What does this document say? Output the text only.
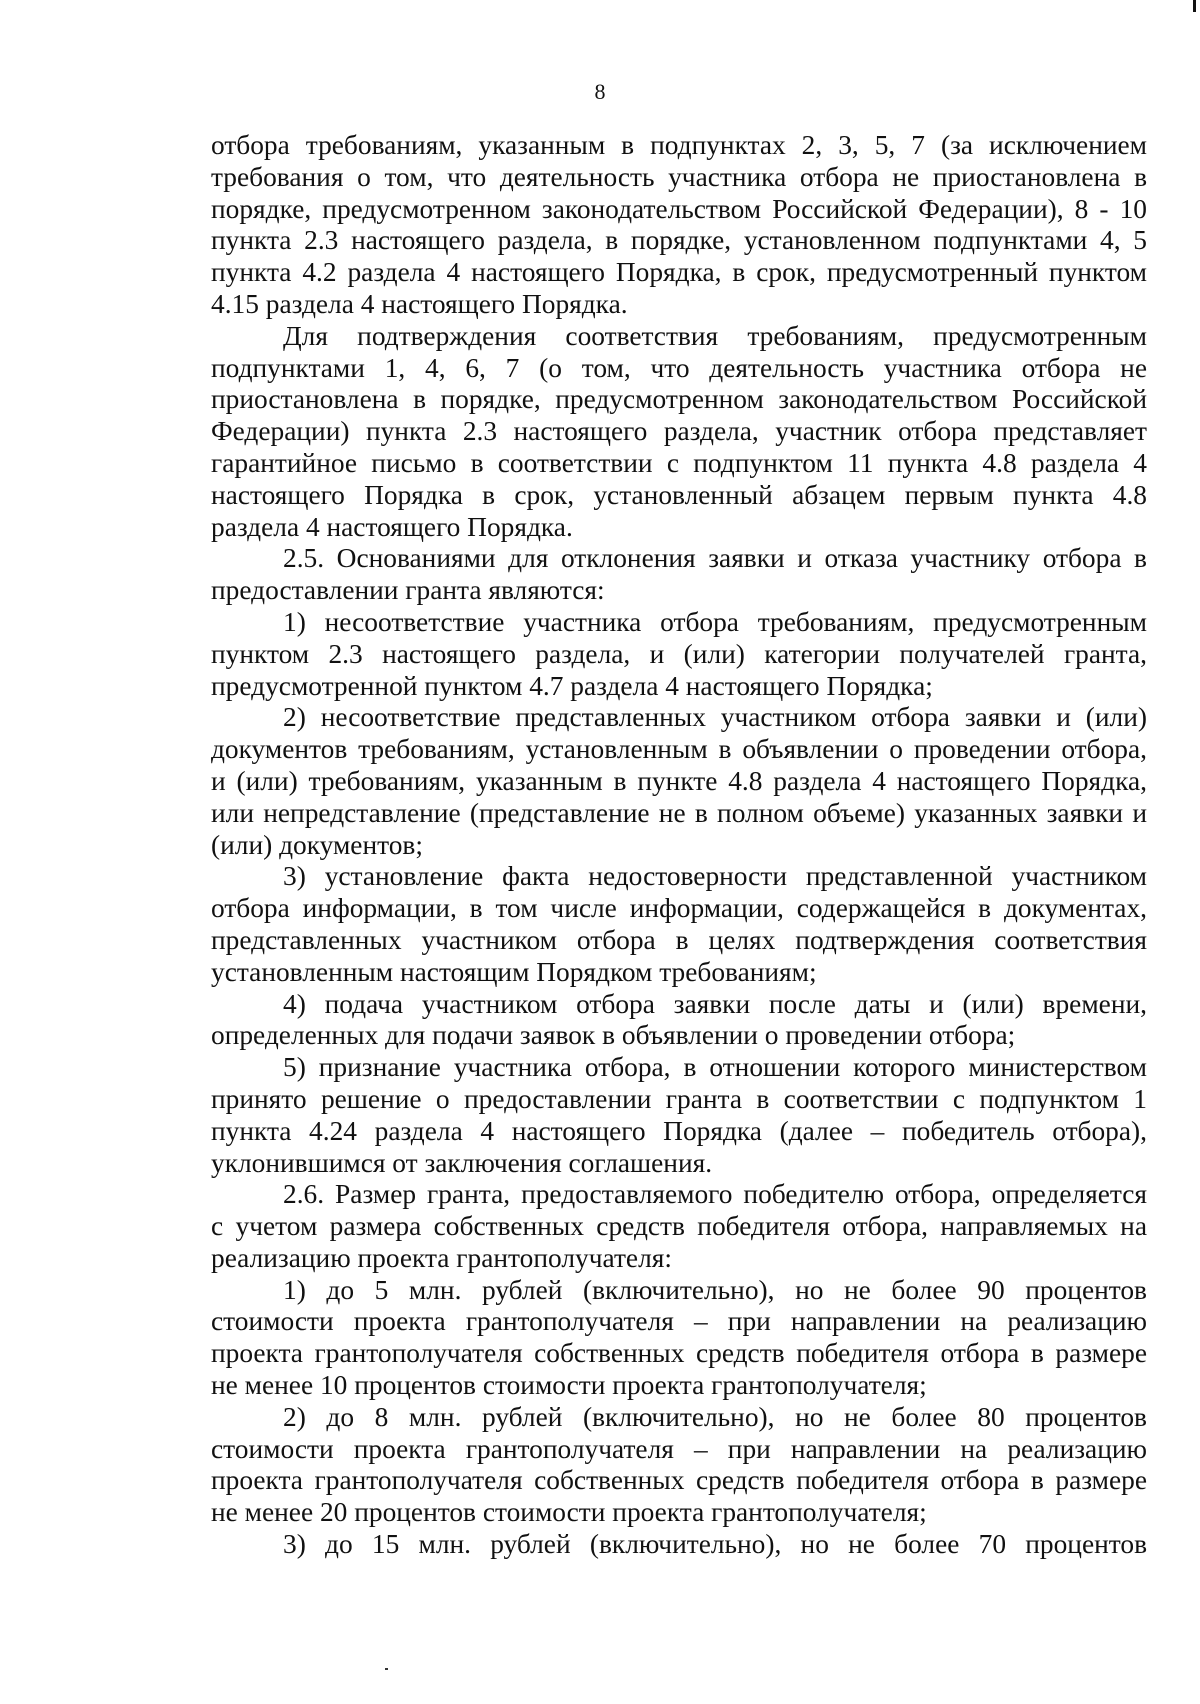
8
отбора требованиям, указанным в подпунктах 2, 3, 5, 7 (за исключением
требования о том, что деятельность участника отбора не приостановлена в
порядке, предусмотренном законодательством Российской Федерации), 8 - 10
пункта 2.3 настоящего раздела, в порядке, установленном подпунктами 4, 5
пункта 4.2 раздела 4 настоящего Порядка, в срок, предусмотренный пунктом
4.15 раздела 4 настоящего Порядка.
Для подтверждения соответствия требованиям, предусмотренным
подпунктами 1, 4, 6, 7 (о том, что деятельность участника отбора не
приостановлена в порядке, предусмотренном законодательством Российской
Федерации) пункта 2.3 настоящего раздела, участник отбора представляет
гарантийное письмо в соответствии с подпунктом 11 пункта 4.8 раздела 4
настоящего Порядка в срок, установленный абзацем первым пункта 4.8
раздела 4 настоящего Порядка.
2.5. Основаниями для отклонения заявки и отказа участнику отбора в
предоставлении гранта являются:
1) несоответствие участника отбора требованиям, предусмотренным
пунктом 2.3 настоящего раздела, и (или) категории получателей гранта,
предусмотренной пунктом 4.7 раздела 4 настоящего Порядка;
2) несоответствие представленных участником отбора заявки и (или)
документов требованиям, установленным в объявлении о проведении отбора,
и (или) требованиям, указанным в пункте 4.8 раздела 4 настоящего Порядка,
или непредставление (представление не в полном объеме) указанных заявки и
(или) документов;
3) установление факта недостоверности представленной участником
отбора информации, в том числе информации, содержащейся в документах,
представленных участником отбора в целях подтверждения соответствия
установленным настоящим Порядком требованиям;
4) подача участником отбора заявки после даты и (или) времени,
определенных для подачи заявок в объявлении о проведении отбора;
5) признание участника отбора, в отношении которого министерством
принято решение о предоставлении гранта в соответствии с подпунктом 1
пункта 4.24 раздела 4 настоящего Порядка (далее – победитель отбора),
уклонившимся от заключения соглашения.
2.6. Размер гранта, предоставляемого победителю отбора, определяется
с учетом размера собственных средств победителя отбора, направляемых на
реализацию проекта грантополучателя:
1) до 5 млн. рублей (включительно), но не более 90 процентов
стоимости проекта грантополучателя – при направлении на реализацию
проекта грантополучателя собственных средств победителя отбора в размере
не менее 10 процентов стоимости проекта грантополучателя;
2) до 8 млн. рублей (включительно), но не более 80 процентов
стоимости проекта грантополучателя – при направлении на реализацию
проекта грантополучателя собственных средств победителя отбора в размере
не менее 20 процентов стоимости проекта грантополучателя;
3) до 15 млн. рублей (включительно), но не более 70 процентов
